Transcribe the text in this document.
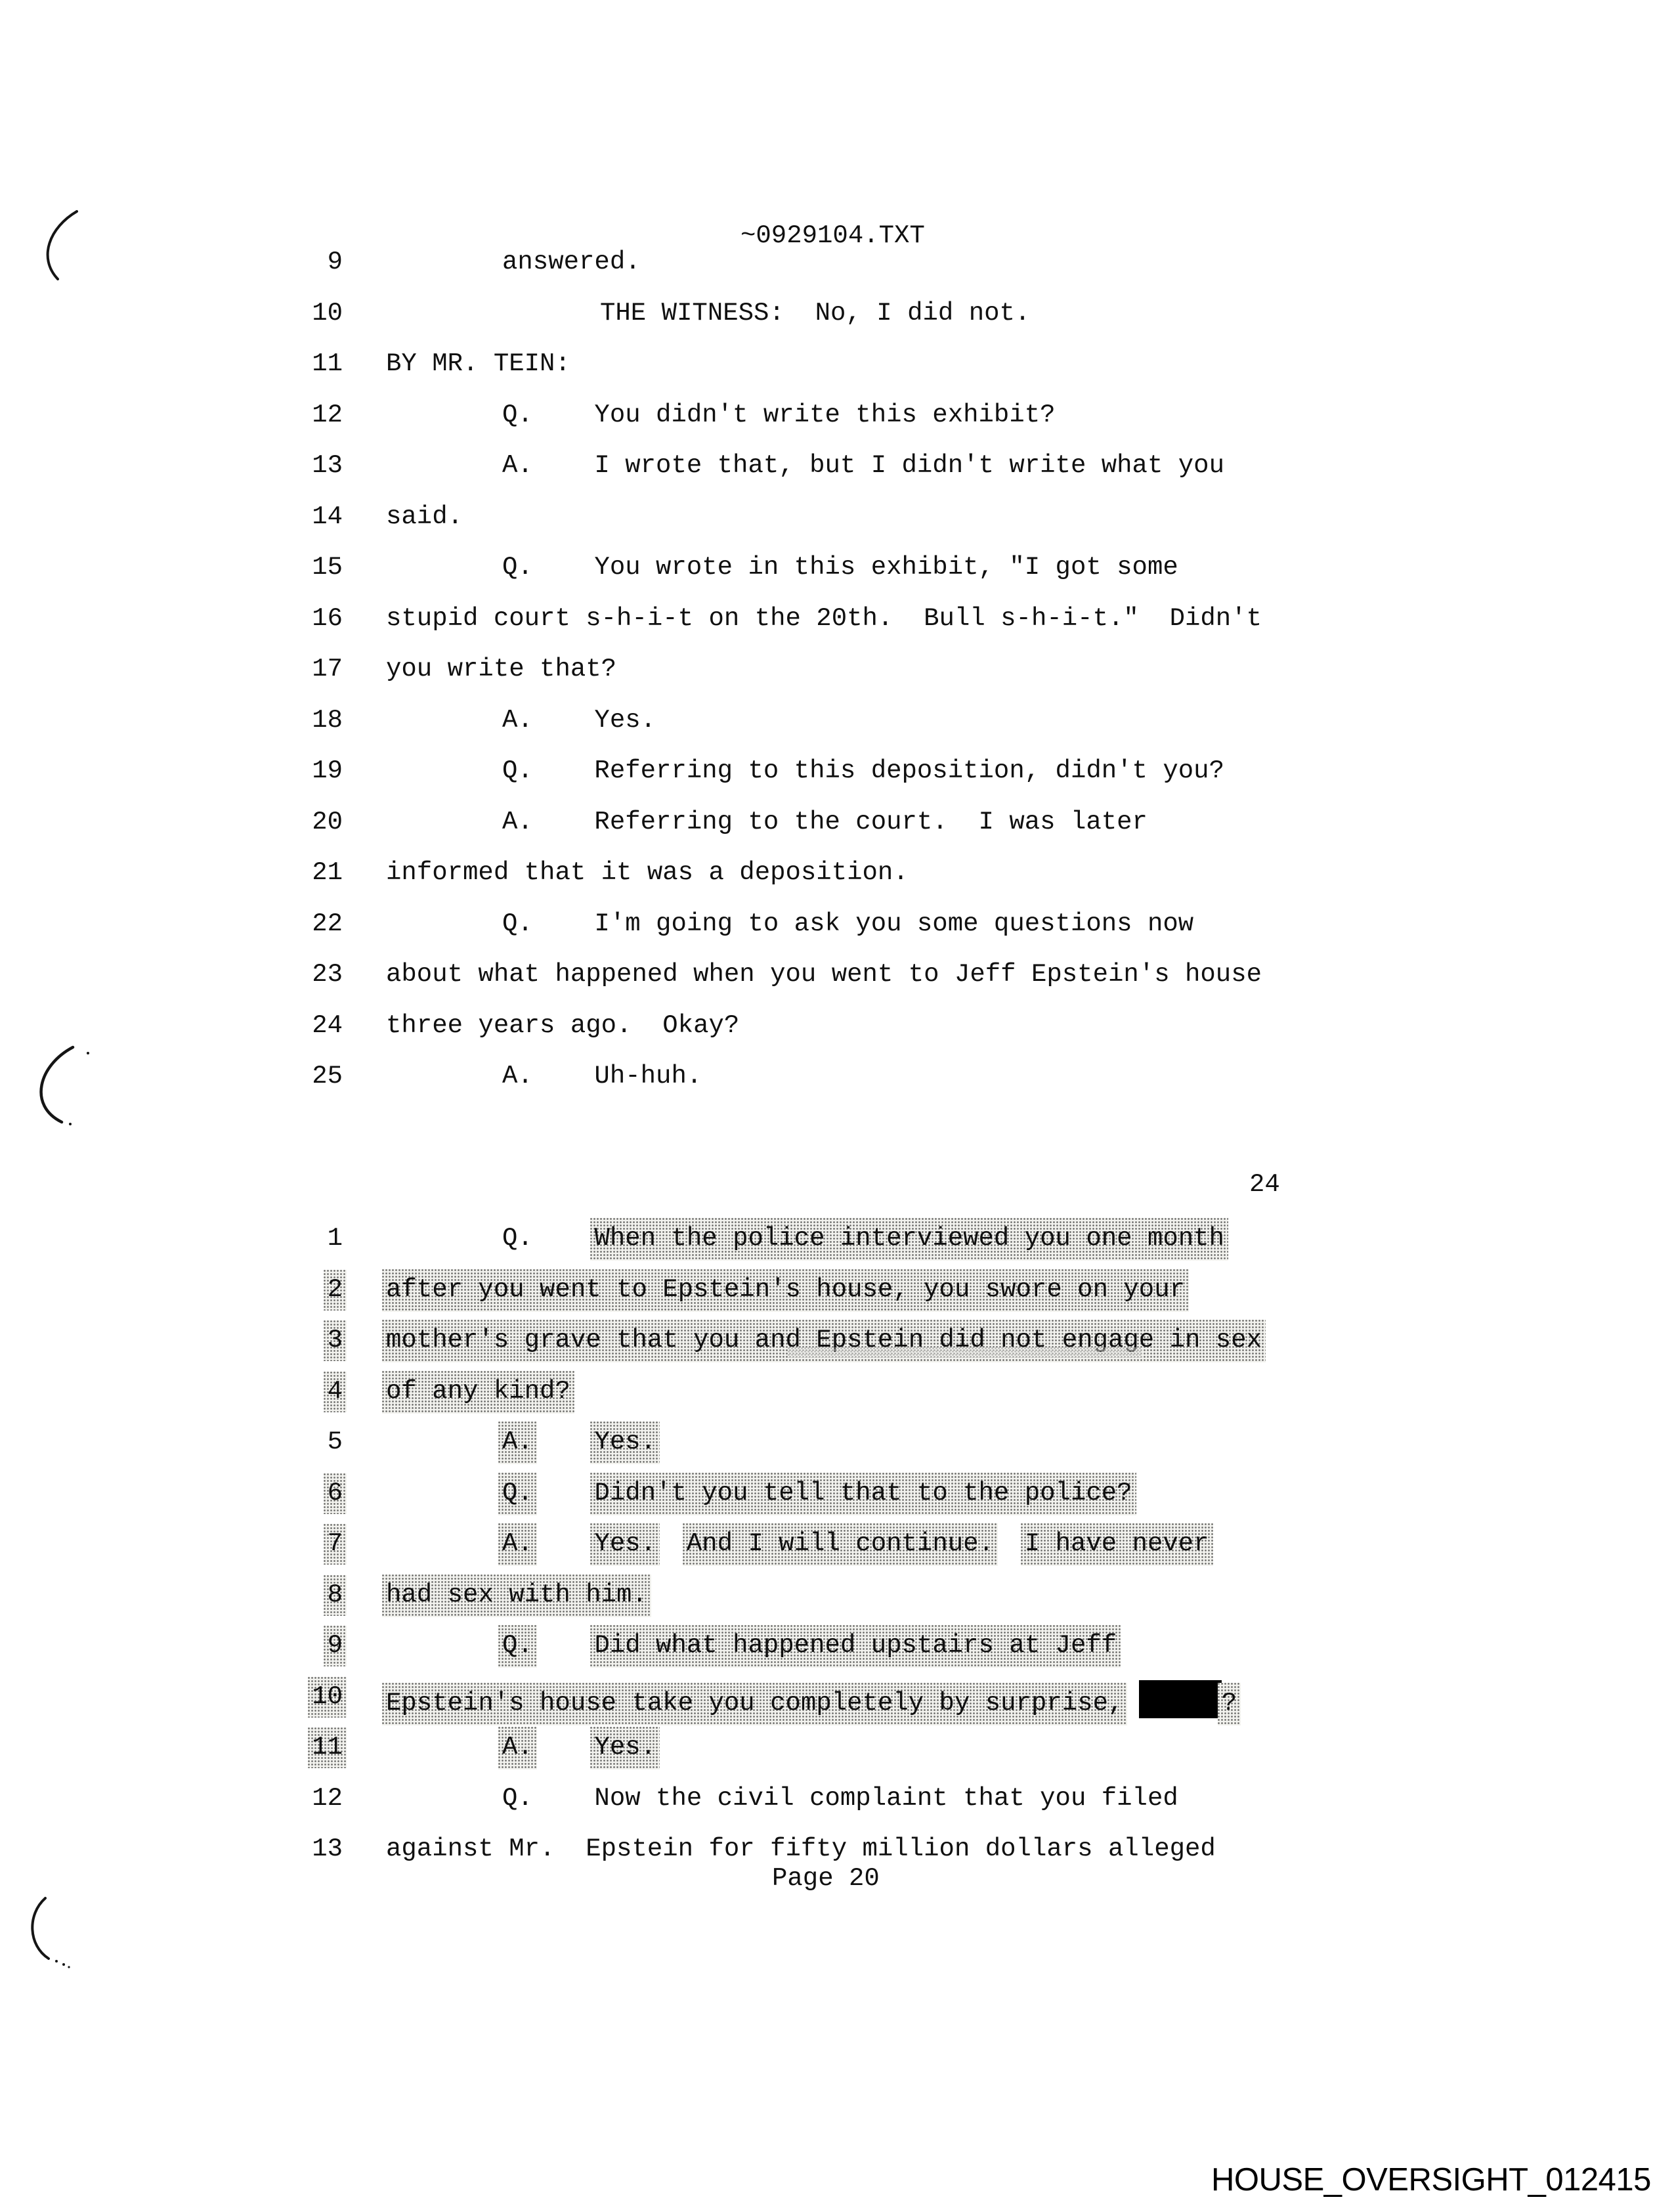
~0929104.TXT
24
9	answered.
10	THE WITNESS:  No, I did not.
11 BY MR. TEIN:
12	Q.    You didn't write this exhibit?
13	A.    I wrote that, but I didn't write what you
14 said.
15	Q.    You wrote in this exhibit, "I got some
16 stupid court s-h-i-t on the 20th.  Bull s-h-i-t."  Didn't
17 you write that?
18	A.    Yes.
19	Q.    Referring to this deposition, didn't you?
20	A.    Referring to the court.  I was later
21 informed that it was a deposition.
22	Q.    I'm going to ask you some questions now
23 about what happened when you went to Jeff Epstein's house
24 three years ago.  Okay?
25	A.    Uh-huh.
1	Q. When the police interviewed you one month
2 after you went to Epstein's house, you swore on your
3 mother's grave that you and Epstein did not engage in sex
4 of any kind?
5	A. Yes.
6	Q. Didn't you tell that to the police?
7	A. Yes. And I will continue. I have never
8 had sex with him.
9	Q. Did what happened upstairs at Jeff
10 Epstein's house take you completely by surprise,	?
11	A. Yes.
12	Q.    Now the civil complaint that you filed
13 against Mr.  Epstein for fifty million dollars alleged
Page 20
HOUSE_OVERSIGHT_012415
